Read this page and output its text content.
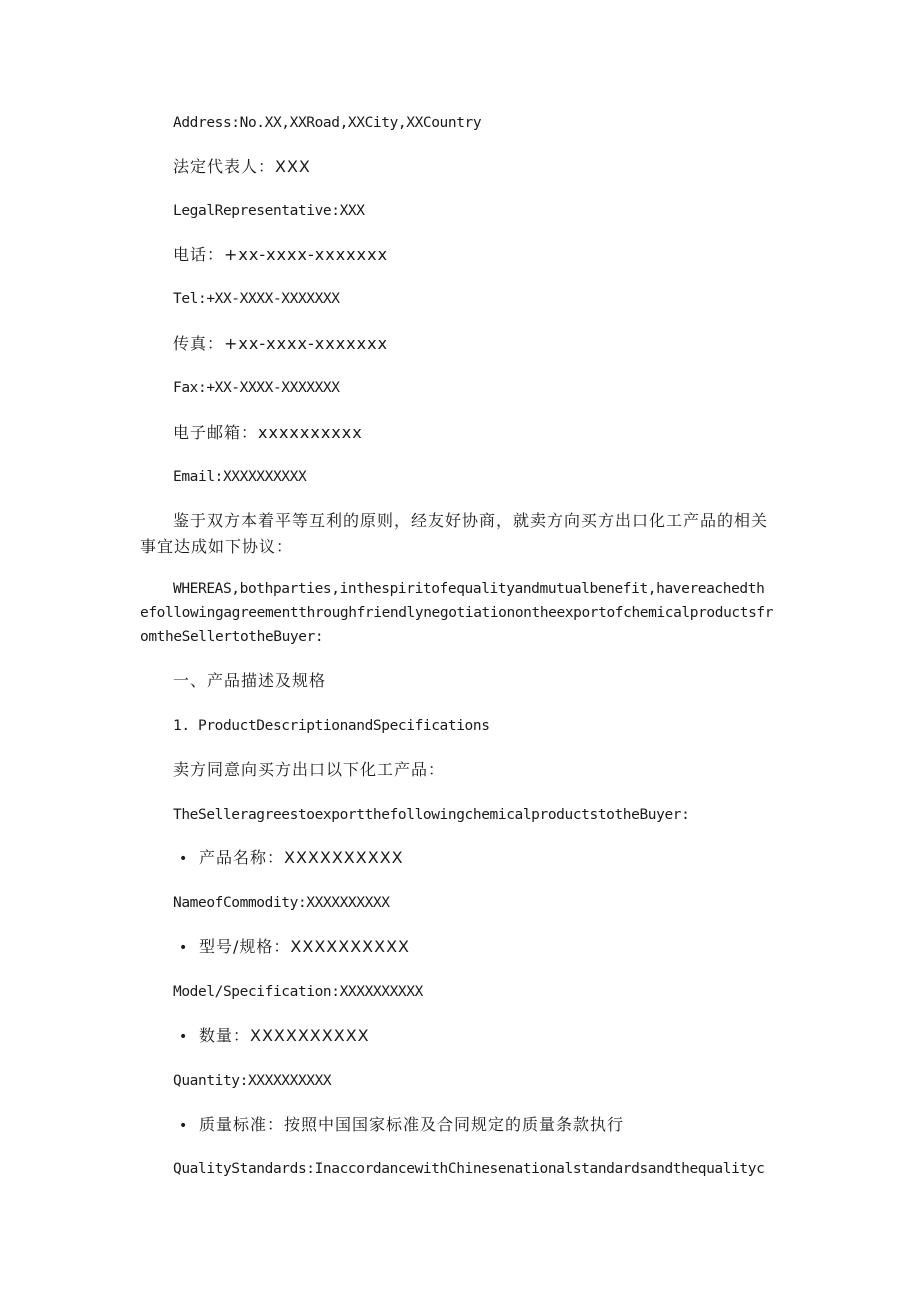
Address:No.XX,XXRoad,XXCity,XXCountry
法定代表人：XXX
LegalRepresentative:XXX
电话：+xx-xxxx-xxxxxxx
Tel:+XX-XXXX-XXXXXXX
传真：+xx-xxxx-xxxxxxx
Fax:+XX-XXXX-XXXXXXX
电子邮箱：xxxxxxxxxx
Email:XXXXXXXXXX
鉴于双方本着平等互利的原则，经友好协商，就卖方向买方出口化工产品的相关
事宜达成如下协议：
WHEREAS,bothparties,inthespiritofequalityandmutualbenefit,havereachedth
efollowingagreementthroughfriendlynegotiationontheexportofchemicalproductsfr
omtheSellertotheBuyer:
一、产品描述及规格
1. ProductDescriptionandSpecifications
卖方同意向买方出口以下化工产品：
TheSelleragreestoexportthefollowingchemicalproductstotheBuyer:
• 产品名称：XXXXXXXXXX
NameofCommodity:XXXXXXXXXX
• 型号/规格：XXXXXXXXXX
Model/Specification:XXXXXXXXXX
• 数量：XXXXXXXXXX
Quantity:XXXXXXXXXX
• 质量标准：按照中国国家标准及合同规定的质量条款执行
QualityStandards:InaccordancewithChinesenationalstandardsandthequalityc
